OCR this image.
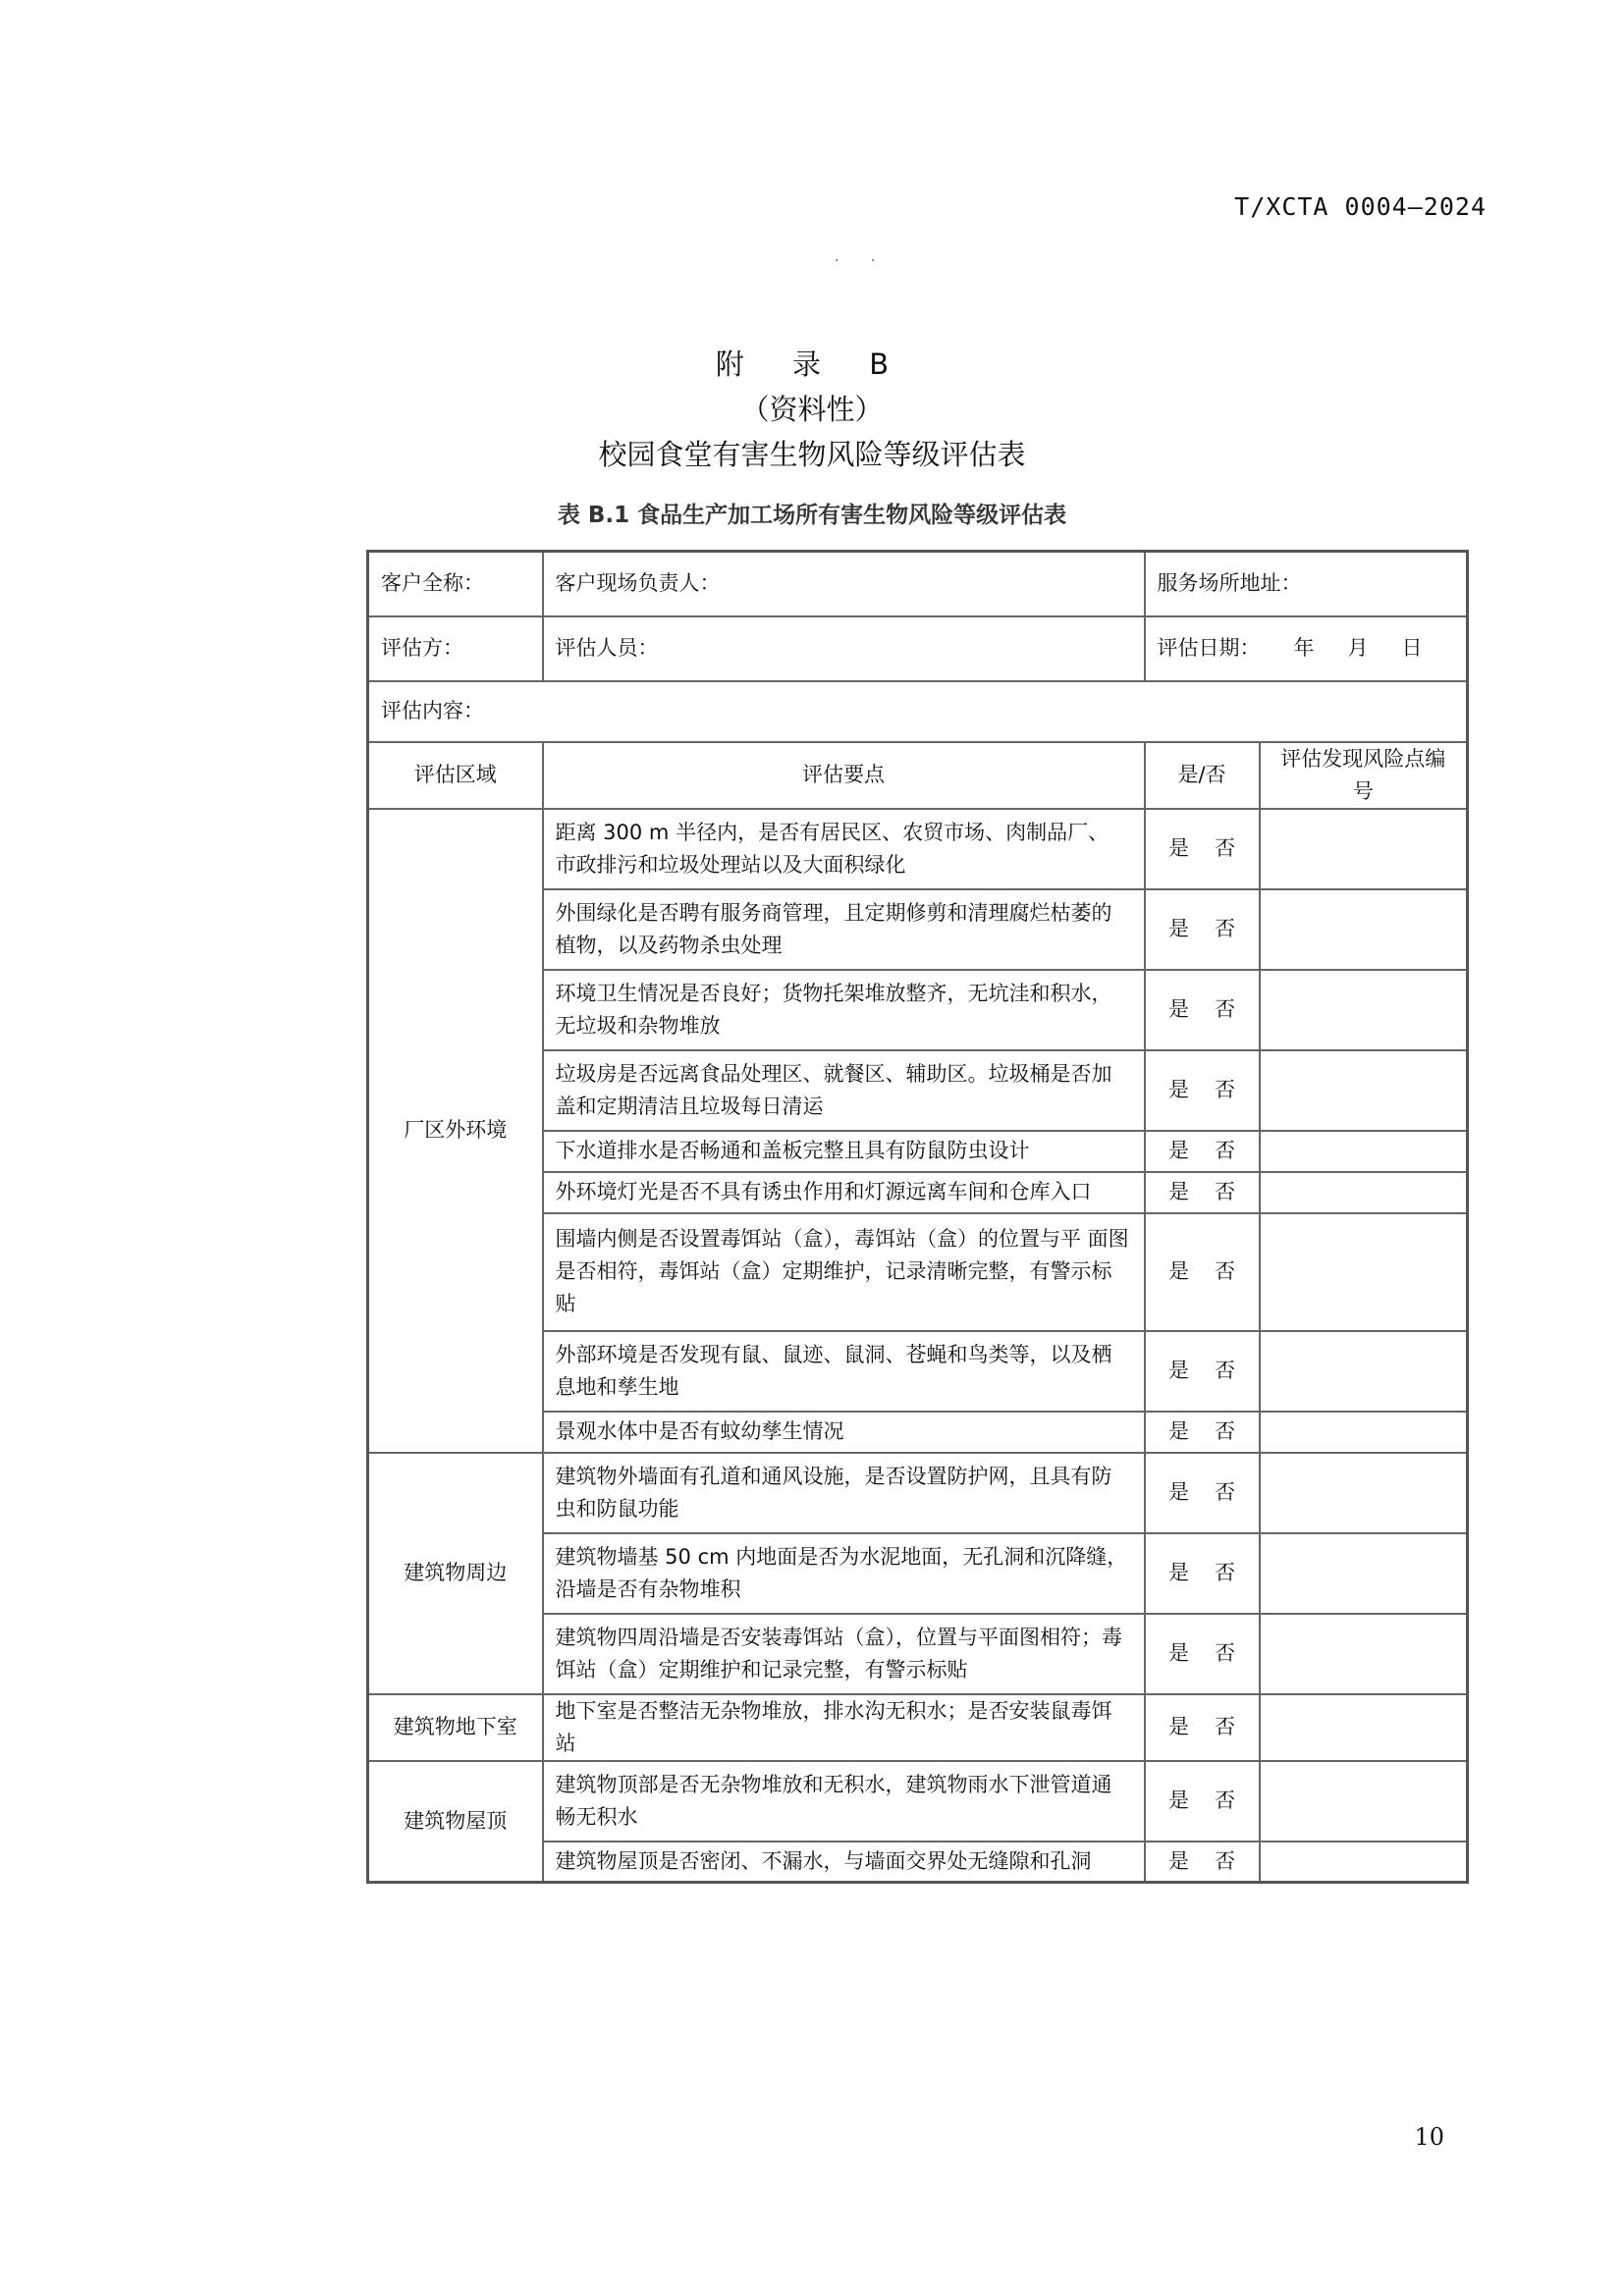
T/XCTA 0004—2024
· ·
附 录 B
（资料性）
校园食堂有害生物风险等级评估表
表 B.1 食品生产加工场所有害生物风险等级评估表
客户全称：	客户现场负责人：	服务场所地址：	
评估方：	评估人员：	评估日期： 年 月 日	
评估内容：			
评估区域	评估要点	是/否	评估发现风险点编号
厂区外环境	距离 300 m 半径内，是否有居民区、农贸市场、肉制品厂、 市政排污和垃圾处理站以及大面积绿化	是 否	
	外围绿化是否聘有服务商管理，且定期修剪和清理腐烂枯萎的植物，以及药物杀虫处理	是 否	
	环境卫生情况是否良好；货物托架堆放整齐，无坑洼和积水，无垃圾和杂物堆放	是 否	
	垃圾房是否远离食品处理区、就餐区、辅助区。垃圾桶是否加盖和定期清洁且垃圾每日清运	是 否	
	下水道排水是否畅通和盖板完整且具有防鼠防虫设计	是 否	
	外环境灯光是否不具有诱虫作用和灯源远离车间和仓库入口	是 否	
	围墙内侧是否设置毒饵站（盒），毒饵站（盒）的位置与平 面图是否相符，毒饵站（盒）定期维护，记录清晰完整，有警示标贴	是 否	
	外部环境是否发现有鼠、鼠迹、鼠洞、苍蝇和鸟类等，以及栖息地和孳生地	是 否	
	景观水体中是否有蚊幼孳生情况	是 否	
建筑物周边	建筑物外墙面有孔道和通风设施，是否设置防护网，且具有防虫和防鼠功能	是 否	
	建筑物墙基 50 cm 内地面是否为水泥地面，无孔洞和沉降缝，沿墙是否有杂物堆积	是 否	
	建筑物四周沿墙是否安装毒饵站（盒），位置与平面图相符；毒饵站（盒）定期维护和记录完整，有警示标贴	是 否	
建筑物地下室	地下室是否整洁无杂物堆放，排水沟无积水；是否安装鼠毒饵站	是 否	
建筑物屋顶	建筑物顶部是否无杂物堆放和无积水，建筑物雨水下泄管道通畅无积水	是 否	
	建筑物屋顶是否密闭、不漏水，与墙面交界处无缝隙和孔洞	是 否	
10
